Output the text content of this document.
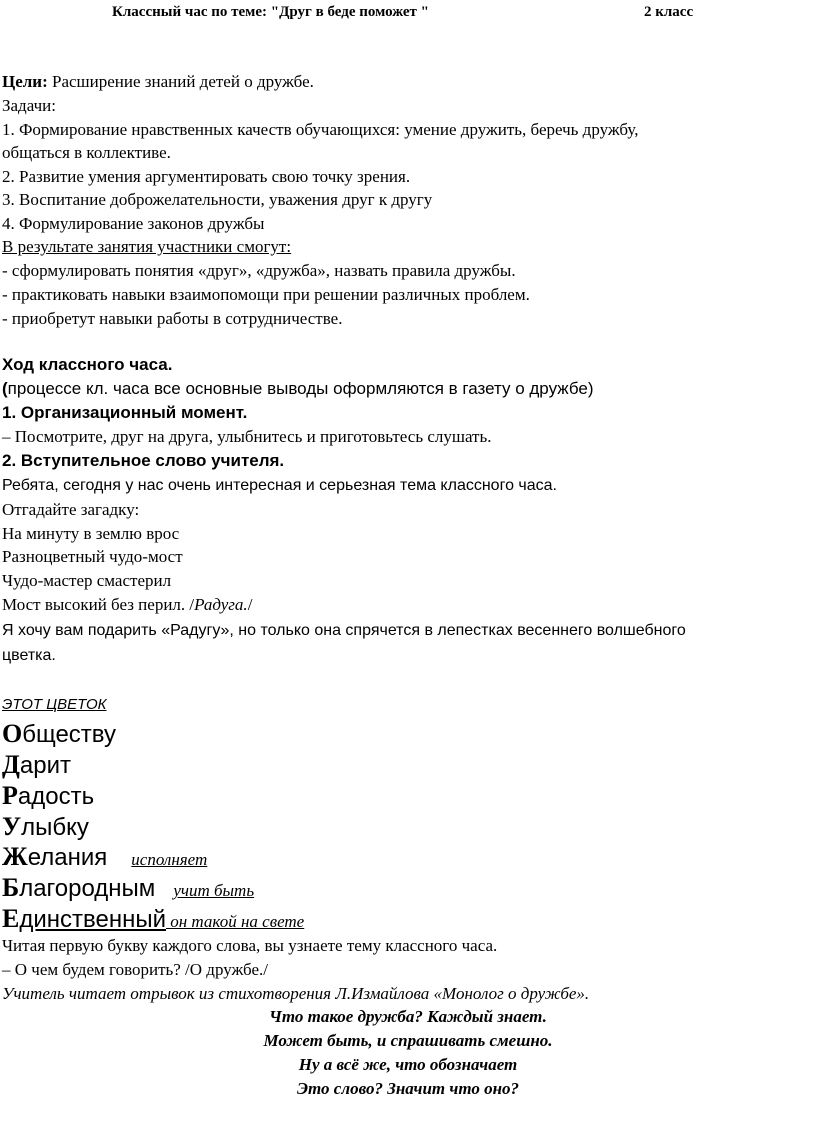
Классный час по теме: "Друг в беде поможет "	2 класс
Цели: Расширение знаний детей о дружбе.
Задачи:
1. Формирование нравственных качеств обучающихся: умение дружить, беречь дружбу,
общаться в коллективе.
2. Развитие умения аргументировать свою точку зрения.
3. Воспитание доброжелательности, уважения друг к другу
4. Формулирование законов дружбы
В результате занятия участники смогут:
- сформулировать понятия «друг», «дружба», назвать правила дружбы.
- практиковать навыки взаимопомощи при решении различных проблем.
- приобретут навыки работы в сотрудничестве.
Ход классного часа.
(процессе кл. часа все основные выводы оформляются в газету о дружбе)
1. Организационный момент.
– Посмотрите, друг на друга, улыбнитесь и приготовьтесь слушать.
2. Вступительное слово учителя.
Ребята, сегодня у нас очень интересная и серьезная тема классного часа.
Отгадайте загадку:
На минуту в землю врос
Разноцветный чудо-мост
Чудо-мастер смастерил
Мост высокий без перил. /Радуга./
Я хочу вам подарить «Радугу», но только она спрячется в лепестках весеннего волшебного
цветка.
ЭТОТ ЦВЕТОК
Обществу
Дарит
Радость
Улыбку
Желания исполняет
Благородным учит быть
Единственный он такой на свете
Читая первую букву каждого слова, вы узнаете тему классного часа.
– О чем будем говорить? /О дружбе./
Учитель читает отрывок из стихотворения Л.Измайлова «Монолог о дружбе».
Что такое дружба? Каждый знает.
Может быть, и спрашивать смешно.
Ну а всё же, что обозначает
Это слово? Значит что оно?
